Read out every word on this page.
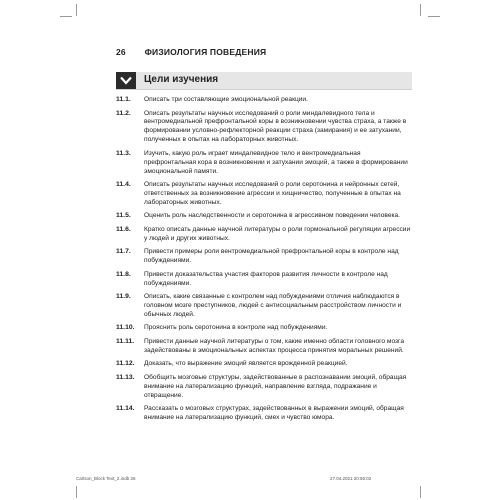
26 ФИЗИОЛОГИЯ ПОВЕДЕНИЯ
Цели изучения
11.1.	Описать три составляющие эмоциональной реакции.
11.2.	Описать результаты научных исследований о роли миндалевидного тела и вентромедиальной префронтальной коры в возникновении чувства страха, а также в формировании условно-рефлекторной реакции страха (замирания) и ее затухании, полученных в опытах на лабораторных животных.
11.3.	Изучить, какую роль играет миндалевидное тело и вентромедиальная префронтальная кора в возникновении и затухании эмоций, а также в формировании эмоциональной памяти.
11.4.	Описать результаты научных исследований о роли серотонина и нейронных сетей, ответственных за возникновение агрессии и хищничество, полученные в опытах на лабораторных животных.
11.5.	Оценить роль наследственности и серотонина в агрессивном поведении человека.
11.6.	Кратко описать данные научной литературы о роли гормональной регуляции агрессии у людей и других животных.
11.7.	Привести примеры роли вентромедиальной префронтальной коры в контроле над побуждениями.
11.8.	Привести доказательства участия факторов развития личности в контроле над побуждениями.
11.9.	Описать, какие связанные с контролем над побуждениями отличия наблюдаются в головном мозге преступников, людей с антисоциальным расстройством личности и обычных людей.
11.10.	Прояснить роль серотонина в контроле над побуждениями.
11.11.	Привести данные научной литературы о том, какие именно области головного мозга задействованы в эмоциональных аспектах процесса принятия моральных решений.
11.12.	Доказать, что выражение эмоций является врожденной реакцией.
11.13.	Обобщить мозговые структуры, задействованные в распознавании эмоций, обращая внимание на латерализацию функций, направление взгляда, подражание и отвращение.
11.14.	Рассказать о мозговых структурах, задействованных в выражении эмоций, обращая внимание на латерализацию функций, смех и чувство юмора.
Carlson_Block Text_2.indb 26	27.04.2021 20:56:02
